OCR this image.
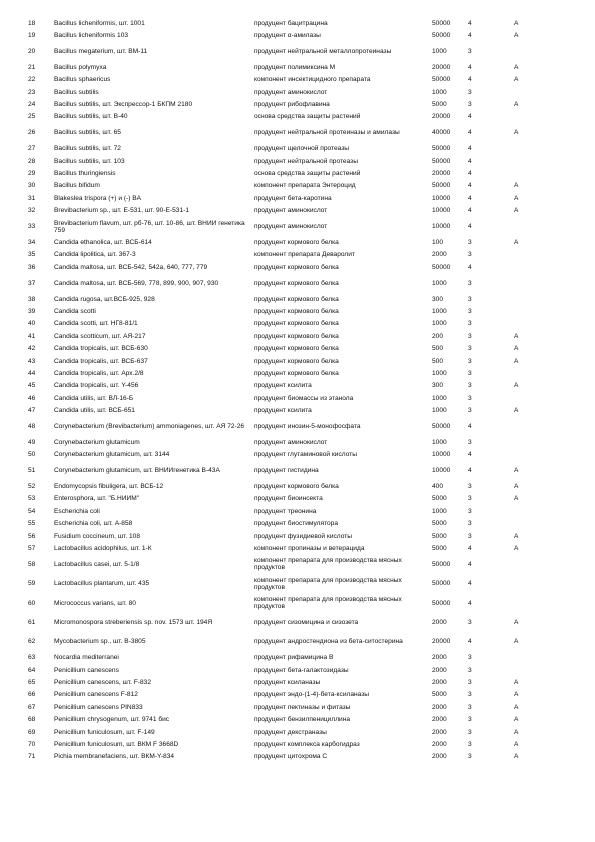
18	Bacillus licheniformis, шт. 1001	продуцент бацитрацина	50000	4	A
19	Bacillus licheniformis 103	продуцент α-амилазы	50000	4	A
20	Bacillus megaterium, шт. ВМ-11	продуцент нейтральной металлопротеиназы	1000	3	
21	Bacillus polymyxa	продуцент полимиксина М	20000	4	A
22	Bacillus sphaericus	компонент инсектицидного препарата	50000	4	A
23	Bacillus subtilis	продуцент аминокислот	1000	3	
24	Bacillus subtilis, шт. Экспрессор-1 БКПМ 2180	продуцент рибофлавина	5000	3	A
25	Bacillus subtilis, шт. B-40	основа средства защиты растений	20000	4	
26	Bacillus subtilis, шт. 65	продуцент нейтральной протеиназы и амилазы	40000	4	A
27	Bacillus subtilis, шт. 72	продуцент щелочной протеазы	50000	4	
28	Bacillus subtilis, шт. 103	продуцент нейтральной протеазы	50000	4	
29	Bacillus thuringiensis	основа средства защиты растений	20000	4	
30	Bacillus bifidum	компонент препарата Энтероцид	50000	4	A
31	Blakeslea trispora (+) и (-) BA	продуцент бета-каротина	10000	4	A
32	Brevibacterium sp., шт. Е-531, шт. 90-Е-531-1	продуцент аминокислот	10000	4	A
33	Brevibacterium flavum, шт. рб-76, шт. 10-86, шт. ВНИИ генетика 759	продуцент аминокислот	10000	4	
34	Candida ethanolica, шт. ВСБ-614	продуцент кормового белка	100	3	A
35	Candida lipolitica, шт. 367-3	компонент препарата Деваролит	2000	3	
36	Candida maltosa, шт. ВСБ-542, 542а, 640, 777, 779	продуцент кормового белка	50000	4	
37	Candida maltosa, шт. ВСБ-569, 778, 899, 900, 907, 930	продуцент кормового белка	1000	3	
38	Candida rugosa, шт.ВСБ-925, 928	продуцент кормового белка	300	3	
39	Candida scotti	продуцент кормового белка	1000	3	
40	Candida scotti, шт. НГ8-81/1	продуцент кормового белка	1000	3	
41	Candida scotticum, шт. АЯ-217	продуцент кормового белка	200	3	A
42	Candida tropicalis, шт. ВСБ-630	продуцент кормового белка	500	3	A
43	Candida tropicalis, шт. ВСБ-637	продуцент кормового белка	500	3	A
44	Candida tropicalis, шт. Арх.2/8	продуцент кормового белка	1000	3	
45	Candida tropicalis, шт. Y-456	продуцент ксилита	300	3	A
46	Candida utilis, шт. ВЛ-16-Б	продуцент биомассы из этанола	1000	3	
47	Candida utilis, шт. ВСБ-651	продуцент ксилита	1000	3	A
48	Corynebacterium (Brevibacterium) ammoniagenes, шт. АЯ 72-26	продуцент инозин-5-монофосфата	50000	4	
49	Corynebacterium glutamicum	продуцент аминокислот	1000	3	
50	Corynebacterium glutamicum, шт. 3144	продуцент глутаминовой кислоты	10000	4	
51	Corynebacterium glutamicum, шт. ВНИИгенетика В-43А	продуцент гистидина	10000	4	A
52	Endomycopsis fibuligera, шт. ВСБ-12	продуцент кормового белка	400	3	A
53	Enterosphora, шт. "Б.НИИМ"	продуцент биоинсекта	5000	3	A
54	Escherichia coli	продуцент треонина	1000	3	
55	Escherichia coli, шт. А-858	продуцент биостимулятора	5000	3	
56	Fusidium coccineum, шт. 108	продуцент фузидиевой кислоты	5000	3	A
57	Lactobacillus acidophilus, шт. 1-К	компонент пропиназы и ветерацида	5000	4	A
58	Lactobacillus casei, шт. 5-1/8	компонент препарата для производства мясных продуктов	50000	4	
59	Lactobacillus plantarum, шт. 435	компонент препарата для производства мясных продуктов	50000	4	
60	Micrococcus varians, шт. 80	компонент препарата для производства мясных продуктов	50000	4	
61	Micromonospora streberiensis sp. nov. 1573 шт. 194Я	продуцент сизомицина и сизозета	2000	3	A
62	Mycobacterium sp., шт. В-3805	продуцент андростендиона из бета-ситостерина	20000	4	A
63	Nocardia mediterranei	продуцент рифамицина В	2000	3	
64	Penicillium canescens	продуцент бета-галактозидазы	2000	3	
65	Penicillium canescens, шт. F-832	продуцент ксиланазы	2000	3	A
66	Penicillium canescens F-812	продуцент эндо-(1-4)-бета-ксиланазы	5000	3	A
67	Penicillium canescens PIN833	продуцент пектиназы и фитазы	2000	3	A
68	Penicillium chrysogenum, шт. 9741 бис	продуцент бензилпенициллина	2000	3	A
69	Penicillium funiculosum, шт. F-149	продуцент декстраназы	2000	3	A
70	Penicillium funiculosum, шт. ВКМ F 3668D	продуцент комплекса карбогидраз	2000	3	A
71	Pichia membranefaciens, шт. ВКМ-Y-834	продуцент цитохрома С	2000	3	A
